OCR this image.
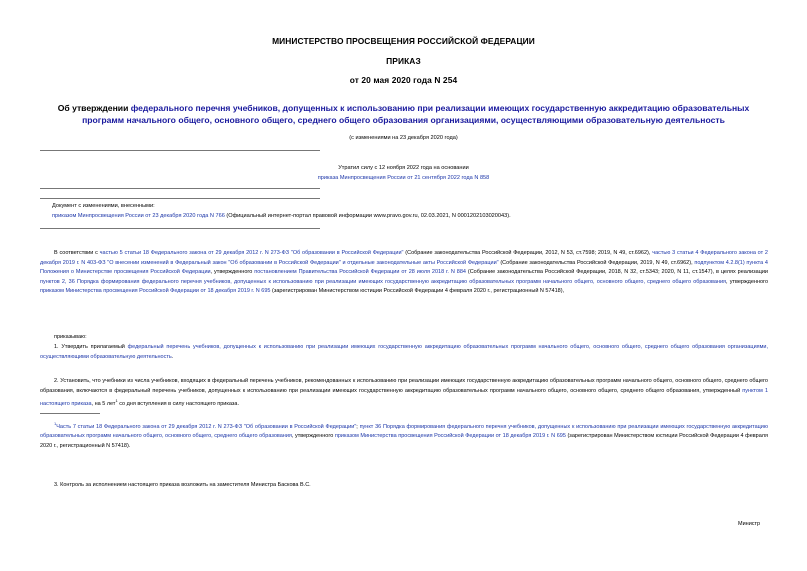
МИНИСТЕРСТВО ПРОСВЕЩЕНИЯ РОССИЙСКОЙ ФЕДЕРАЦИИ
ПРИКАЗ
от 20 мая 2020 года N 254
Об утверждении федерального перечня учебников, допущенных к использованию при реализации имеющих государственную аккредитацию образовательных
программ начального общего, основного общего, среднего общего образования организациями, осуществляющими образовательную деятельность
(с изменениями на 23 декабря 2020 года)
Утратил силу с 12 ноября 2022 года на основании
приказа Минпросвещения России от 21 сентября 2022 года N 858
Документ с изменениями, внесенными:
приказом Минпросвещения России от 23 декабря 2020 года N 766 (Официальный интернет-портал правовой информации www.pravo.gov.ru, 02.03.2021, N 0001202103020043).
В соответствии с частью 5 статьи 18 Федерального закона от 29 декабря 2012 г. N 273-ФЗ "Об образовании в Российской Федерации" (Собрание законодательства Российской Федерации, 2012, N 53, ст.7598; 2019, N 49, ст.6962), частью 3 статьи 4 Федерального закона от 2 декабря 2019 г. N 403-ФЗ "О внесении изменений в Федеральный закон "Об образовании в Российской Федерации" и отдельные законодательные акты Российской Федерации" (Собрание законодательства Российской Федерации, 2019, N 49, ст.6962), подпунктом 4.2.8(1) пункта 4 Положения о Министерстве просвещения Российской Федерации, утвержденного постановлением Правительства Российской Федерации от 28 июля 2018 г. N 884 (Собрание законодательства Российской Федерации, 2018, N 32, ст.5343; 2020, N 11, ст.1547), в целях реализации пунктов 2, 36 Порядка формирования федерального перечня учебников, допущенных к использованию при реализации имеющих государственную аккредитацию образовательных программ начального общего, основного общего, среднего общего образования, утвержденного приказом Министерства просвещения Российской Федерации от 18 декабря 2019 г. N 695 (зарегистрирован Министерством юстиции Российской Федерации 4 февраля 2020 г., регистрационный N 57418),
приказываю:
1. Утвердить прилагаемый федеральный перечень учебников, допущенных к использованию при реализации имеющих государственную аккредитацию образовательных программ начального общего, основного общего, среднего общего образования организациями, осуществляющими образовательную деятельность.
2. Установить, что учебники из числа учебников, входящих в федеральный перечень учебников, рекомендованных к использованию при реализации имеющих государственную аккредитацию образовательных программ начального общего, основного общего, среднего общего образования, включаются в федеральный перечень учебников, допущенных к использованию при реализации имеющих государственную аккредитацию образовательных программ начального общего, основного общего, среднего общего образования, утвержденный пунктом 1 настоящего приказа, на 5 лет$^1$ со дня вступления в силу настоящего приказа.
$^1$Часть 7 статьи 18 Федерального закона от 29 декабря 2012 г. N 273-ФЗ "Об образовании в Российской Федерации"; пункт 36 Порядка формирования федерального перечня учебников, допущенных к использованию при реализации имеющих государственную аккредитацию образовательных программ начального общего, основного общего, среднего общего образования, утвержденного приказом Министерства просвещения Российской Федерации от 18 декабря 2019 г. N 695 (зарегистрирован Министерством юстиции Российской Федерации 4 февраля 2020 г., регистрационный N 57418).
3. Контроль за исполнением настоящего приказа возложить на заместителя Министра Баскова В.С.
Министр
